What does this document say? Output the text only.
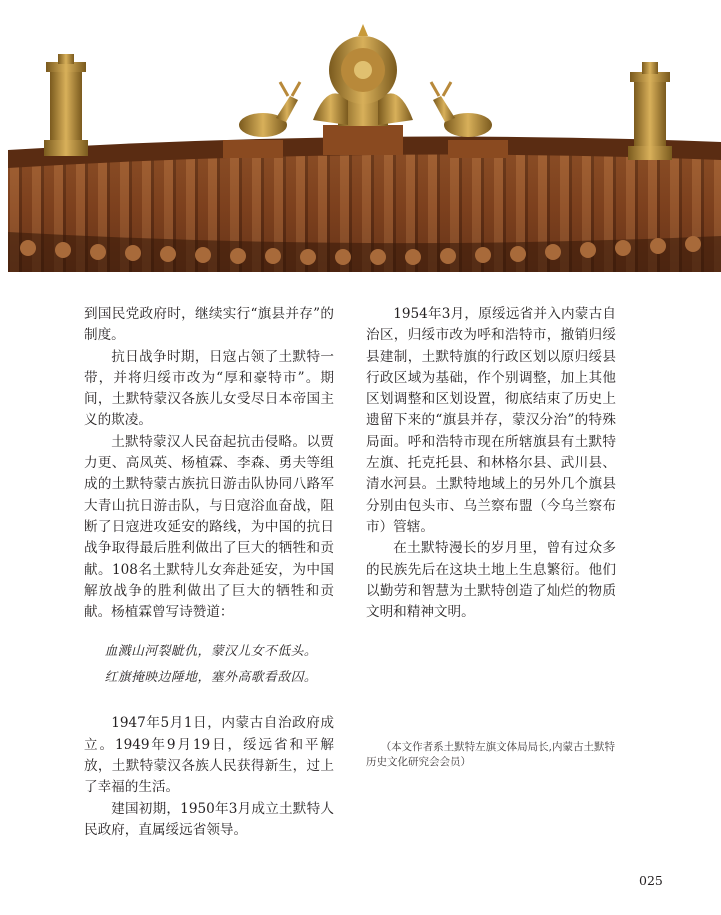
到国民党政府时，继续实行“旗县并存”的制度。

抗日战争时期，日寇占领了土默特一带，并将归绥市改为“厚和豪特市”。期间，土默特蒙汉各族儿女受尽日本帝国主义的欺凌。

土默特蒙汉人民奋起抗击侵略。以贾力更、高凤英、杨植霖、李森、勇夫等组成的土默特蒙古族抗日游击队协同八路军大青山抗日游击队，与日寇浴血奋战，阻断了日寇进攻延安的路线，为中国的抗日战争取得最后胜利做出了巨大的牺牲和贡献。108名土默特儿女奔赴延安，为中国解放战争的胜利做出了巨大的牺牲和贡献。杨植霖曾写诗赞道：

血溅山河裂眦仇，蒙汉儿女不低头。
红旗掩映边陲地，塞外高歌看敌囚。

1947年5月1日，内蒙古自治政府成立。1949年9月19日，绥远省和平解放，土默特蒙汉各族人民获得新生，过上了幸福的生活。

建国初期，1950年3月成立土默特人民政府，直属绥远省领导。

1954年3月，原绥远省并入内蒙古自治区，归绥市改为呼和浩特市，撤销归绥县建制，土默特旗的行政区划以原归绥县行政区域为基础，作个别调整，加上其他区划调整和区划设置，彻底结束了历史上遗留下来的“旗县并存，蒙汉分治”的特殊局面。呼和浩特市现在所辖旗县有土默特左旗、托克托县、和林格尔县、武川县、清水河县。土默特地域上的另外几个旗县分别由包头市、乌兰察布盟（今乌兰察布市）管辖。

在土默特漫长的岁月里，曾有过众多的民族先后在这块土地上生息繁衍。他们以勤劳和智慧为土默特创造了灿烂的物质文明和精神文明。

（本文作者系土默特左旗文体局局长,内蒙古土默特历史文化研究会会员）
025
